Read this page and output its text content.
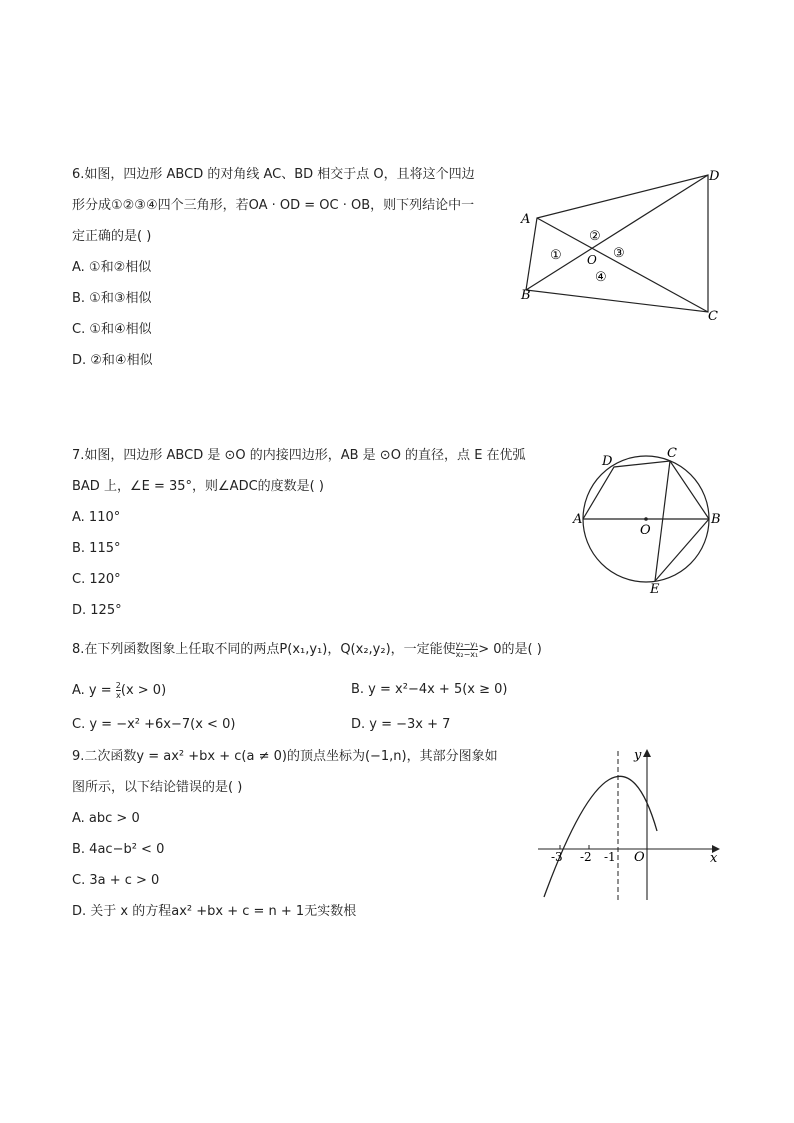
6.如图，四边形 ABCD 的对角线 AC、BD 相交于点 O，且将这个四边
形分成①②③④四个三角形，若OA · OD = OC · OB，则下列结论中一
定正确的是( )
A. ①和②相似
B. ①和③相似
C. ①和④相似
D. ②和④相似
A
B
C
D
O
①
②
③
④
7.如图，四边形 ABCD 是 ⊙O 的内接四边形，AB 是 ⊙O 的直径，点 E 在优弧
BAD 上，∠E = 35°，则∠ADC的度数是( )
A. 110°
B. 115°
C. 120°
D. 125°
A	B
C
D
E
O
8.在下列函数图象上任取不同的两点P(x₁,y₁)，Q(x₂,y₂)，一定能使 $\frac{\text{y₂−y₁}}{\text{x₂−x₁}} > 0$的是( )
A. $y = \frac{2}{x} (x > 0)$	B. y = x²−4x + 5(x ≥ 0)
C. y = −x² +6x−7(x < 0)	D. y = −3x + 7
9.二次函数y = ax² +bx + c(a ≠ 0)的顶点坐标为(−1,n)，其部分图象如
图所示，以下结论错误的是( )
A. abc > 0
B. 4ac−b² < 0
C. 3a + c > 0
D. 关于 x 的方程ax² +bx + c = n + 1无实数根
-3 -2 -1 O	x
y
